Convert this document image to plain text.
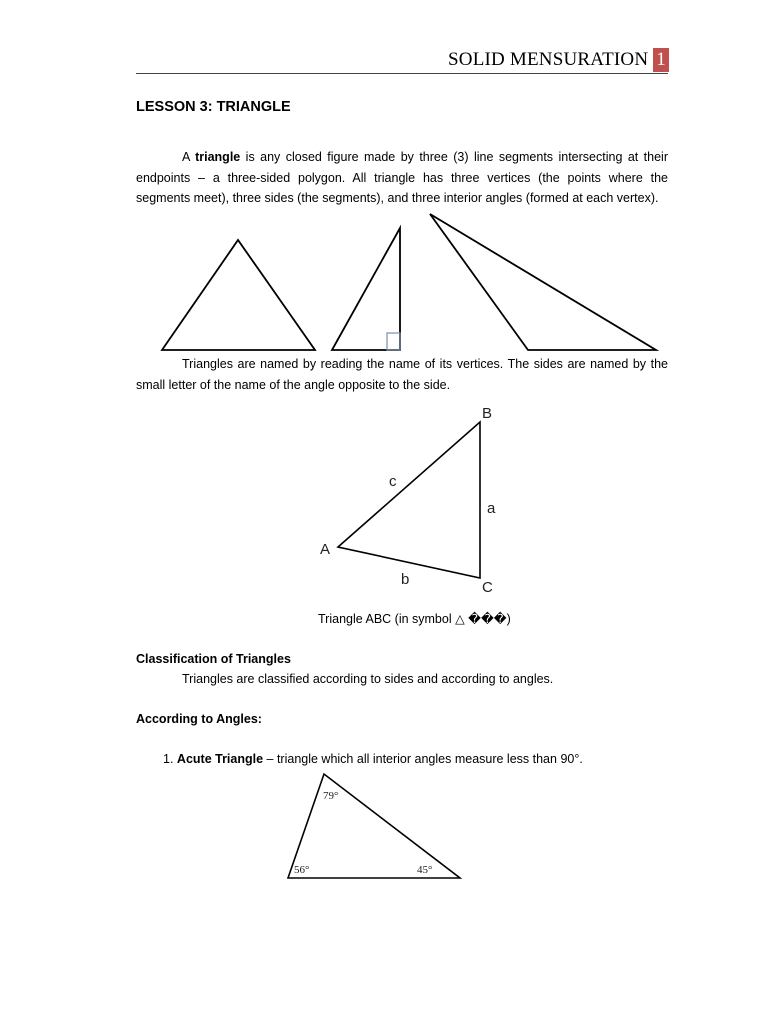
SOLID MENSURATION 1
LESSON 3: TRIANGLE
A triangle is any closed figure made by three (3) line segments intersecting at their endpoints – a three-sided polygon. All triangle has three vertices (the points where the segments meet), three sides (the segments), and three interior angles (formed at each vertex).
Triangles are named by reading the name of its vertices. The sides are named by the small letter of the name of the angle opposite to the side.
B
A
C
c
a
b
Triangle ABC (in symbol △ ���)
Classification of Triangles
Triangles are classified according to sides and according to angles.
According to Angles:
1. Acute Triangle – triangle which all interior angles measure less than 90°.
79°
56°	45°
